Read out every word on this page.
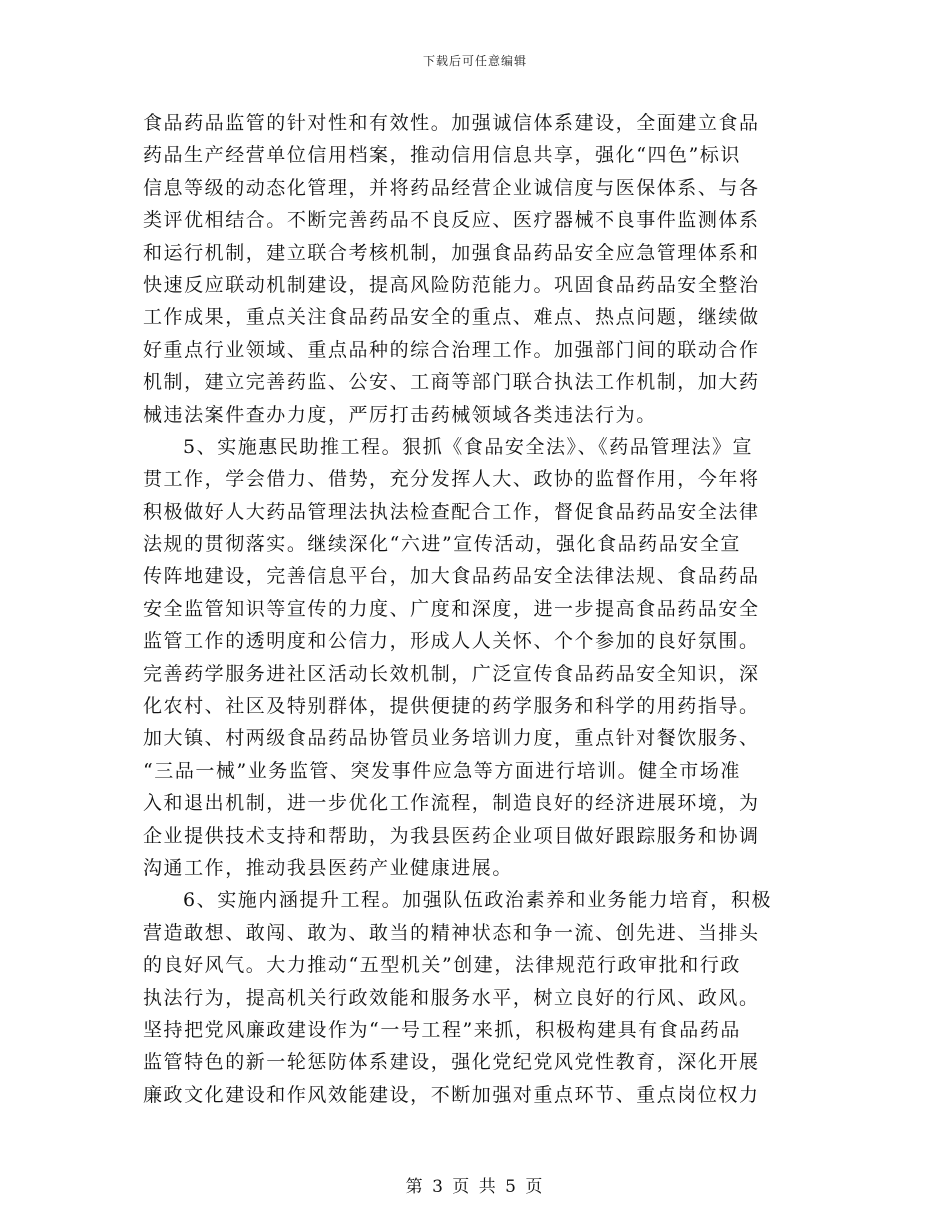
下载后可任意编辑
食品药品监管的针对性和有效性。加强诚信体系建设，全面建立食品
药品生产经营单位信用档案，推动信用信息共享，强化“四色”标识
信息等级的动态化管理，并将药品经营企业诚信度与医保体系、与各
类评优相结合。不断完善药品不良反应、医疗器械不良事件监测体系
和运行机制，建立联合考核机制，加强食品药品安全应急管理体系和
快速反应联动机制建设，提高风险防范能力。巩固食品药品安全整治
工作成果，重点关注食品药品安全的重点、难点、热点问题，继续做
好重点行业领域、重点品种的综合治理工作。加强部门间的联动合作
机制，建立完善药监、公安、工商等部门联合执法工作机制，加大药
械违法案件查办力度，严厉打击药械领域各类违法行为。
5、实施惠民助推工程。狠抓《食品安全法》、《药品管理法》宣
贯工作，学会借力、借势，充分发挥人大、政协的监督作用，今年将
积极做好人大药品管理法执法检查配合工作，督促食品药品安全法律
法规的贯彻落实。继续深化“六进”宣传活动，强化食品药品安全宣
传阵地建设，完善信息平台，加大食品药品安全法律法规、食品药品
安全监管知识等宣传的力度、广度和深度，进一步提高食品药品安全
监管工作的透明度和公信力，形成人人关怀、个个参加的良好氛围。
完善药学服务进社区活动长效机制，广泛宣传食品药品安全知识，深
化农村、社区及特别群体，提供便捷的药学服务和科学的用药指导。
加大镇、村两级食品药品协管员业务培训力度，重点针对餐饮服务、
“三品一械”业务监管、突发事件应急等方面进行培训。健全市场准
入和退出机制，进一步优化工作流程，制造良好的经济进展环境，为
企业提供技术支持和帮助，为我县医药企业项目做好跟踪服务和协调
沟通工作，推动我县医药产业健康进展。
6、实施内涵提升工程。加强队伍政治素养和业务能力培育，积极
营造敢想、敢闯、敢为、敢当的精神状态和争一流、创先进、当排头
的良好风气。大力推动“五型机关”创建，法律规范行政审批和行政
执法行为，提高机关行政效能和服务水平，树立良好的行风、政风。
坚持把党风廉政建设作为“一号工程”来抓，积极构建具有食品药品
监管特色的新一轮惩防体系建设，强化党纪党风党性教育，深化开展
廉政文化建设和作风效能建设，不断加强对重点环节、重点岗位权力
第 3 页 共 5 页
